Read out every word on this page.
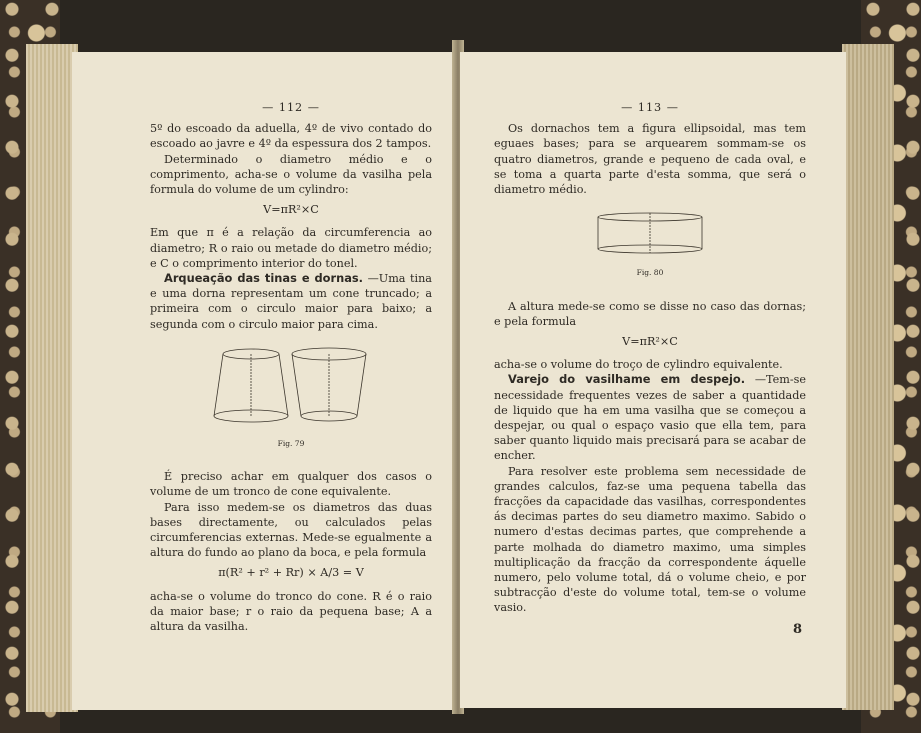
— 112 —

5º do escoado da aduella, 4º de vivo contado do escoado ao javre e 4º da espessura dos 2 tampos.

Determinado o diametro médio e o comprimento, acha-se o volume da vasilha pela formula do volume de um cylindro:

V=πR²×C

Em que π é a relação da circumferencia ao diametro; R o raio ou metade do diametro médio; e C o comprimento interior do tonel.

Arqueação das tinas e dornas. —Uma tina e uma dorna representam um cone truncado; a primeira com o circulo maior para baixo; a segunda com o circulo maior para cima.

Fig. 79

É preciso achar em qualquer dos casos o volume de um tronco de cone equivalente.

Para isso medem-se os diametros das duas bases directamente, ou calculados pelas circumferencias externas. Mede-se egualmente a altura do fundo ao plano da boca, e pela formula

π(R² + r² + Rr) × A/3 = V

acha-se o volume do tronco do cone. R é o raio da maior base; r o raio da pequena base; A a altura da vasilha.

— 113 —

Os dornachos tem a figura ellipsoidal, mas tem eguaes bases; para se arquearem sommam-se os quatro diametros, grande e pequeno de cada oval, e se toma a quarta parte d'esta somma, que será o diametro médio.

Fig. 80

A altura mede-se como se disse no caso das dornas; e pela formula

V=πR²×C

acha-se o volume do troço de cylindro equivalente.

Varejo do vasilhame em despejo. —Tem-se necessidade frequentes vezes de saber a quantidade de liquido que ha em uma vasilha que se começou a despejar, ou qual o espaço vasio que ella tem, para saber quanto liquido mais precisará para se acabar de encher.

Para resolver este problema sem necessidade de grandes calculos, faz-se uma pequena tabella das fracções da capacidade das vasilhas, correspondentes ás decimas partes do seu diametro maximo. Sabido o numero d'estas decimas partes, que comprehende a parte molhada do diametro maximo, uma simples multiplicação da fracção da correspondente áquelle numero, pelo volume total, dá o volume cheio, e por subtracção d'este do volume total, tem-se o volume vasio.

8
